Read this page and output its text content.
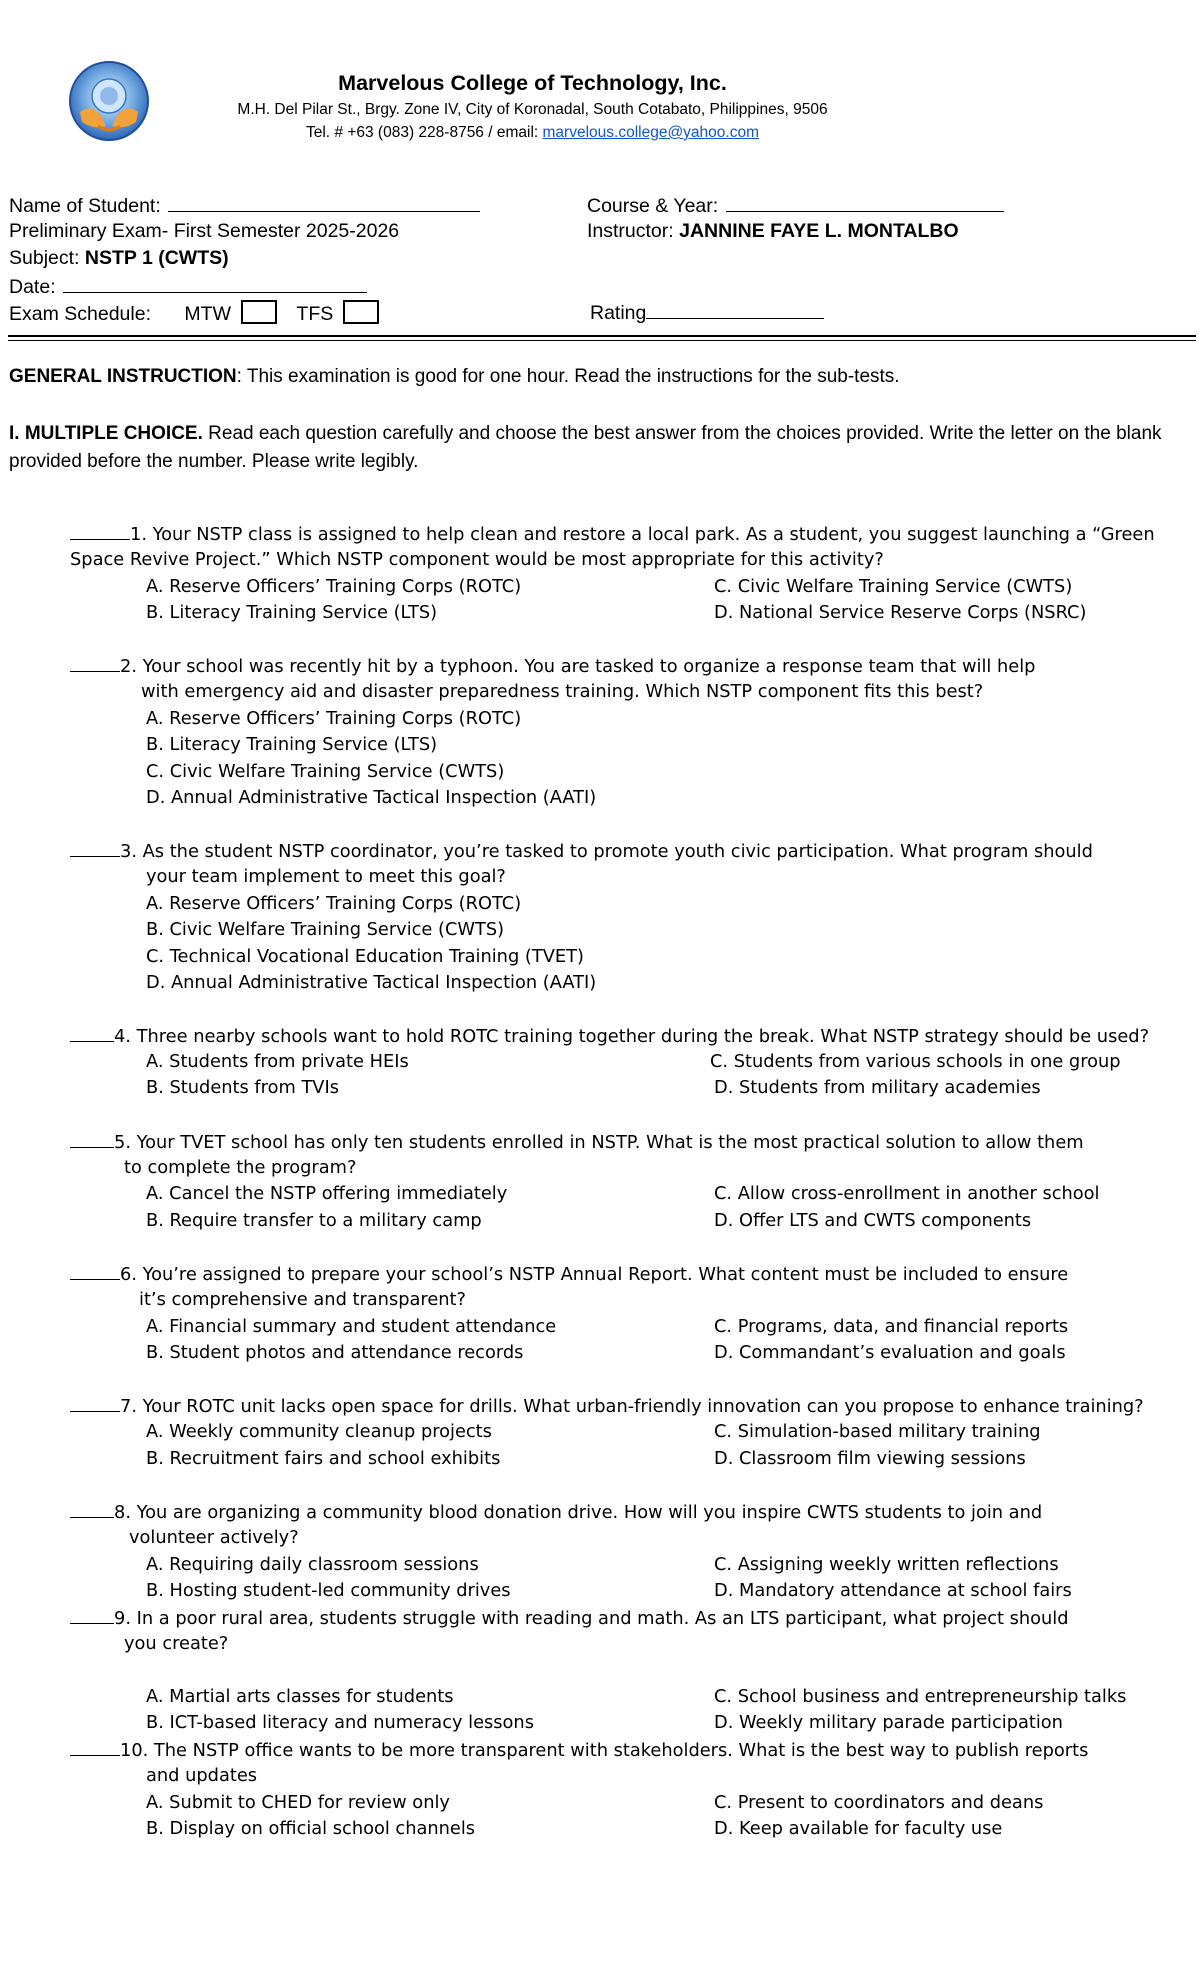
Marvelous College of Technology, Inc.
M.H. Del Pilar St., Brgy. Zone IV, City of Koronadal, South Cotabato, Philippines, 9506
Tel. # +63 (083) 228-8756 / email: marvelous.college@yahoo.com
Name of Student:	Course & Year:
Preliminary Exam- First Semester 2025-2026	Instructor: JANNINE FAYE L. MONTALBO
Subject: NSTP 1 (CWTS)
Date:
Exam Schedule: MTW	TFS	Rating
GENERAL INSTRUCTION: This examination is good for one hour. Read the instructions for the sub-tests.
I. MULTIPLE CHOICE. Read each question carefully and choose the best answer from the choices provided. Write the letter on the blank provided before the number. Please write legibly.
1. Your NSTP class is assigned to help clean and restore a local park. As a student, you suggest launching a “Green
Space Revive Project.” Which NSTP component would be most appropriate for this activity?
A. Reserve Officers’ Training Corps (ROTC)	C. Civic Welfare Training Service (CWTS)
B. Literacy Training Service (LTS)	D. National Service Reserve Corps (NSRC)
2. Your school was recently hit by a typhoon. You are tasked to organize a response team that will help
with emergency aid and disaster preparedness training. Which NSTP component fits this best?
A. Reserve Officers’ Training Corps (ROTC)
B. Literacy Training Service (LTS)
C. Civic Welfare Training Service (CWTS)
D. Annual Administrative Tactical Inspection (AATI)
3. As the student NSTP coordinator, you’re tasked to promote youth civic participation. What program should
your team implement to meet this goal?
A. Reserve Officers’ Training Corps (ROTC)
B. Civic Welfare Training Service (CWTS)
C. Technical Vocational Education Training (TVET)
D. Annual Administrative Tactical Inspection (AATI)
4. Three nearby schools want to hold ROTC training together during the break. What NSTP strategy should be used?
A. Students from private HEIs	C. Students from various schools in one group
B. Students from TVIs	D. Students from military academies
5. Your TVET school has only ten students enrolled in NSTP. What is the most practical solution to allow them
to complete the program?
A. Cancel the NSTP offering immediately	C. Allow cross-enrollment in another school
B. Require transfer to a military camp	D. Offer LTS and CWTS components
6. You’re assigned to prepare your school’s NSTP Annual Report. What content must be included to ensure
it’s comprehensive and transparent?
A. Financial summary and student attendance	C. Programs, data, and financial reports
B. Student photos and attendance records	D. Commandant’s evaluation and goals
7. Your ROTC unit lacks open space for drills. What urban-friendly innovation can you propose to enhance training?
A. Weekly community cleanup projects	C. Simulation-based military training
B. Recruitment fairs and school exhibits	D. Classroom film viewing sessions
8. You are organizing a community blood donation drive. How will you inspire CWTS students to join and
volunteer actively?
A. Requiring daily classroom sessions	C. Assigning weekly written reflections
B. Hosting student-led community drives	D. Mandatory attendance at school fairs
9. In a poor rural area, students struggle with reading and math. As an LTS participant, what project should
you create?
A. Martial arts classes for students	C. School business and entrepreneurship talks
B. ICT-based literacy and numeracy lessons	D. Weekly military parade participation
10. The NSTP office wants to be more transparent with stakeholders. What is the best way to publish reports
and updates
A. Submit to CHED for review only	C. Present to coordinators and deans
B. Display on official school channels	D. Keep available for faculty use
